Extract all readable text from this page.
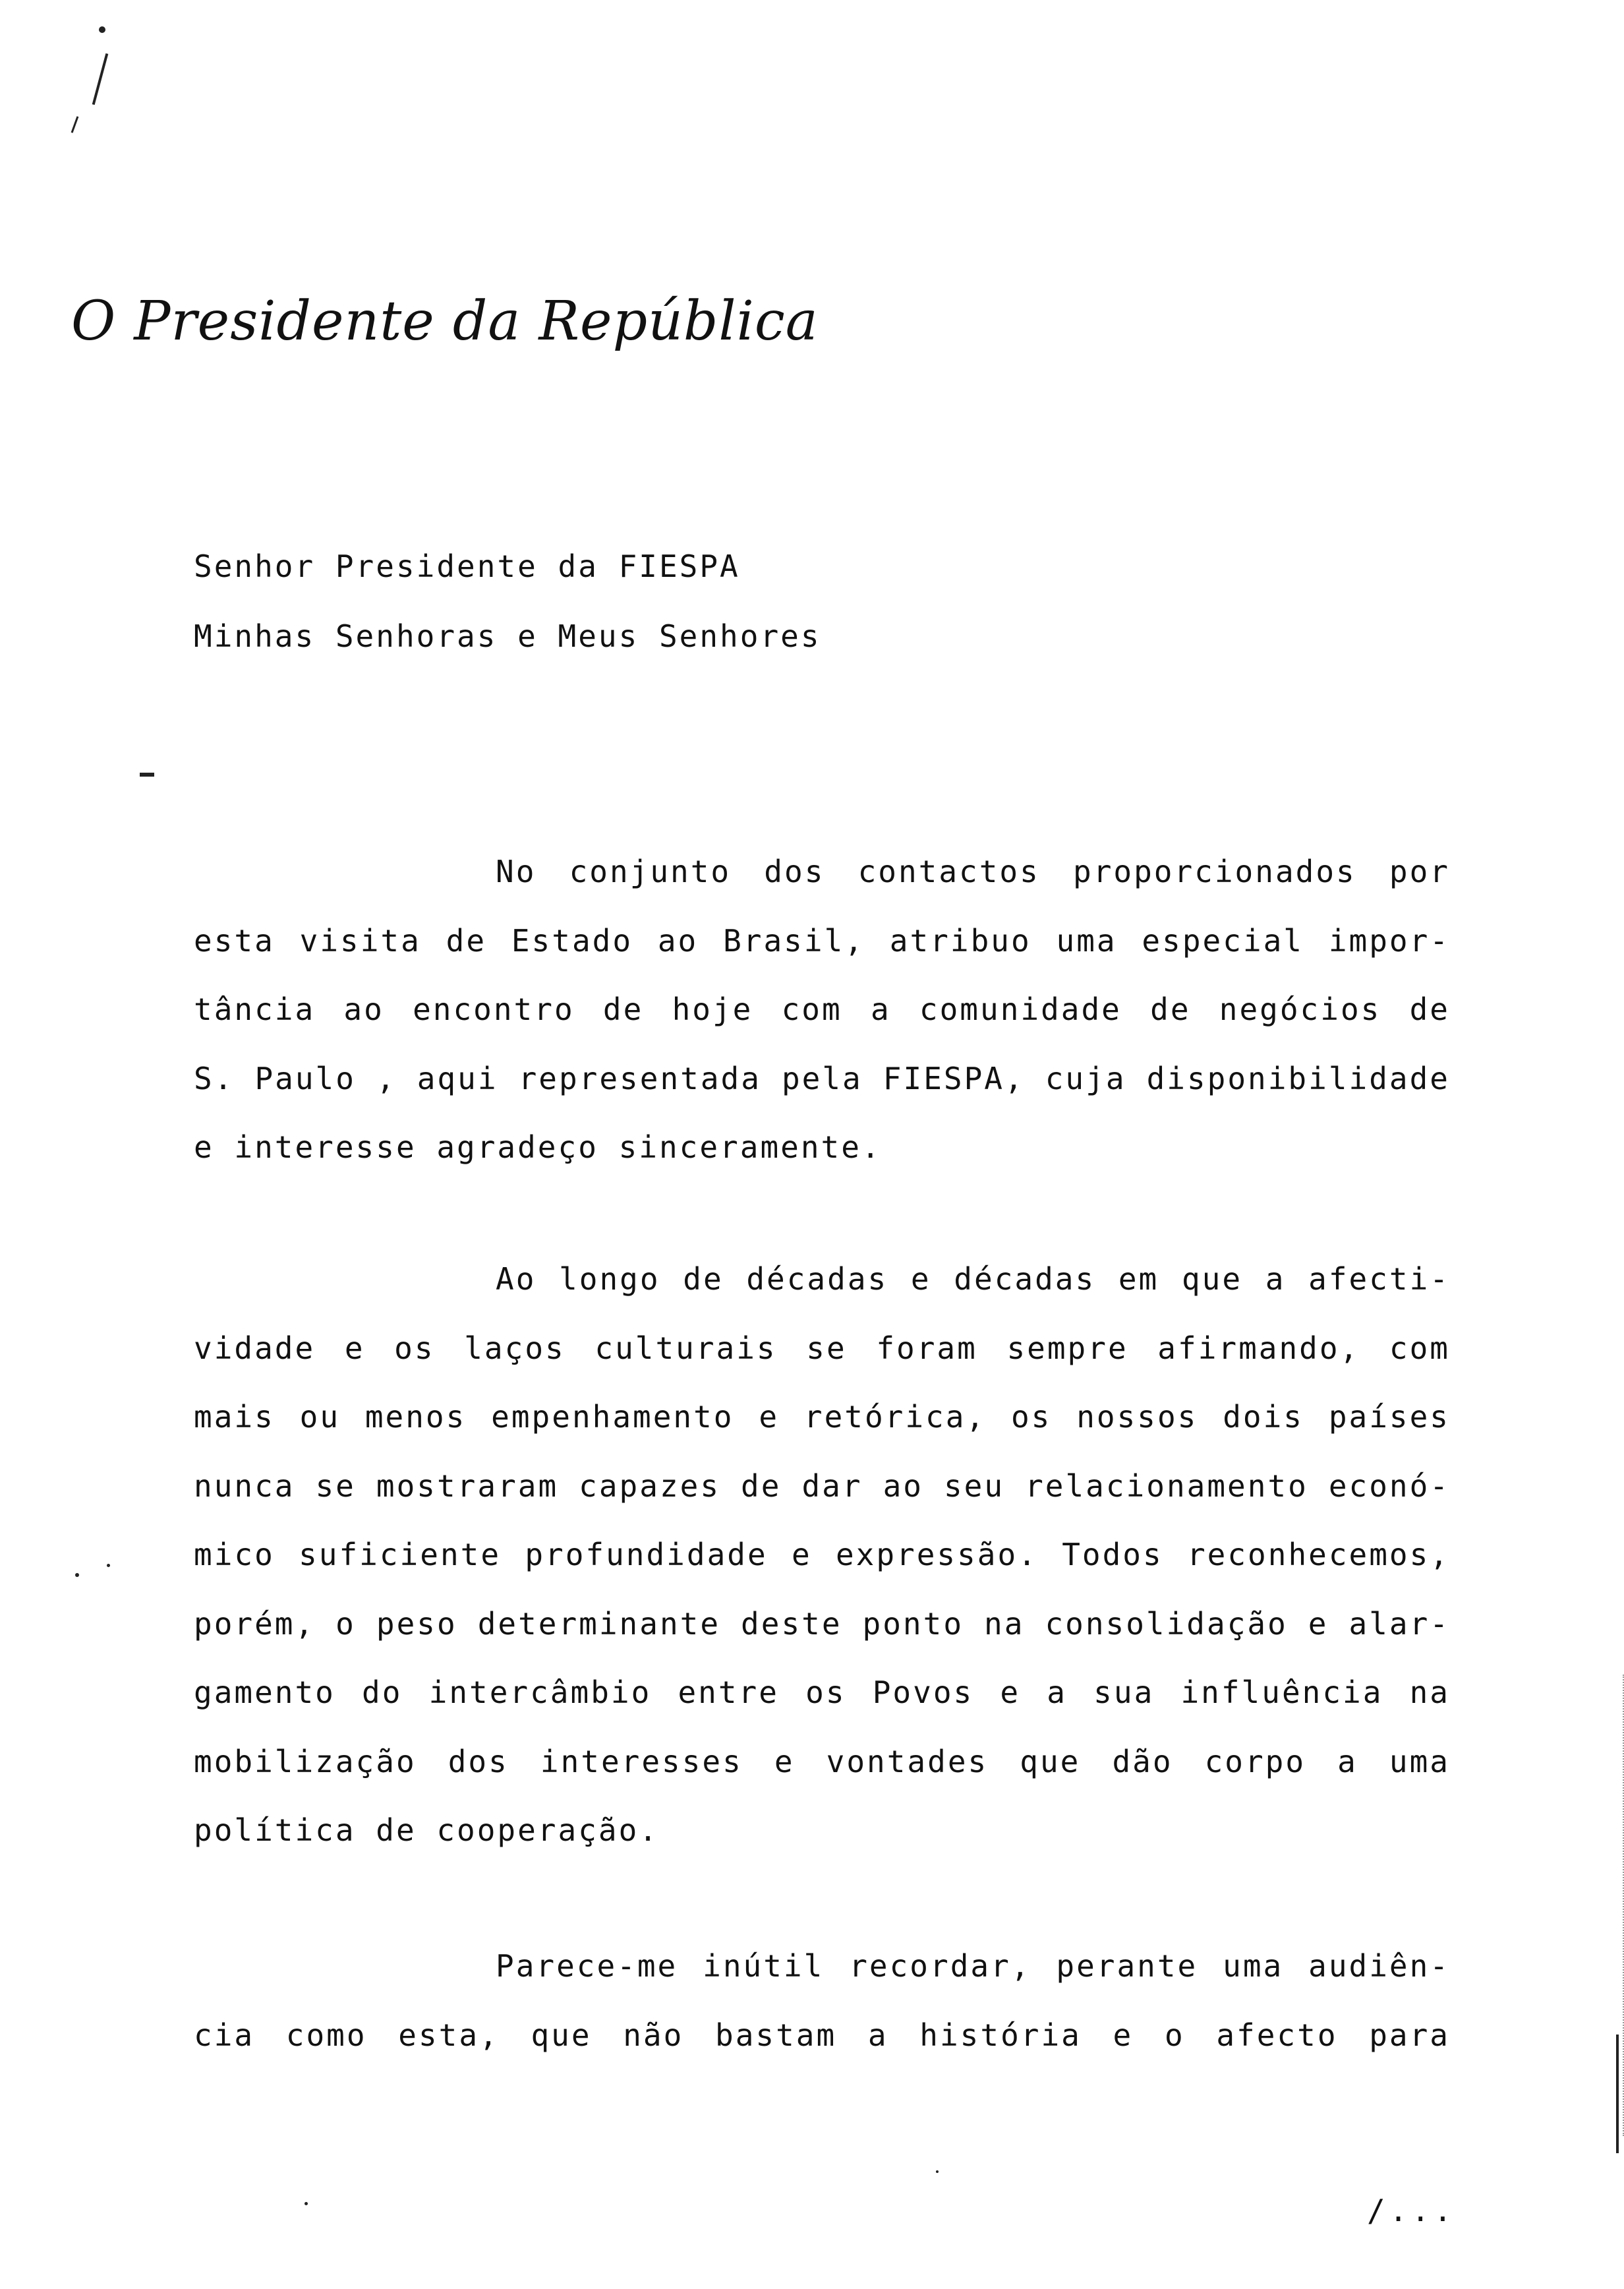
O Presidente da República
Senhor Presidente da FIESPA
Minhas Senhoras e Meus Senhores
No conjunto dos contactos proporcionados por
esta visita de Estado ao Brasil, atribuo uma especial impor-
tância ao encontro de hoje com a comunidade de negócios de
S. Paulo , aqui representada pela FIESPA, cuja disponibilidade
e interesse agradeço sinceramente.
Ao longo de décadas e décadas em que a afecti-
vidade e os laços culturais se foram sempre afirmando, com
mais ou menos empenhamento e retórica, os nossos dois países
nunca se mostraram capazes de dar ao seu relacionamento econó-
mico suficiente profundidade e expressão. Todos reconhecemos,
porém, o peso determinante deste ponto na consolidação e alar-
gamento do intercâmbio entre os Povos e a sua influência na
mobilização dos interesses e vontades que dão corpo a uma
política de cooperação.
Parece-me inútil recordar, perante uma audiên-
cia como esta, que não bastam a história e o afecto para
/...
